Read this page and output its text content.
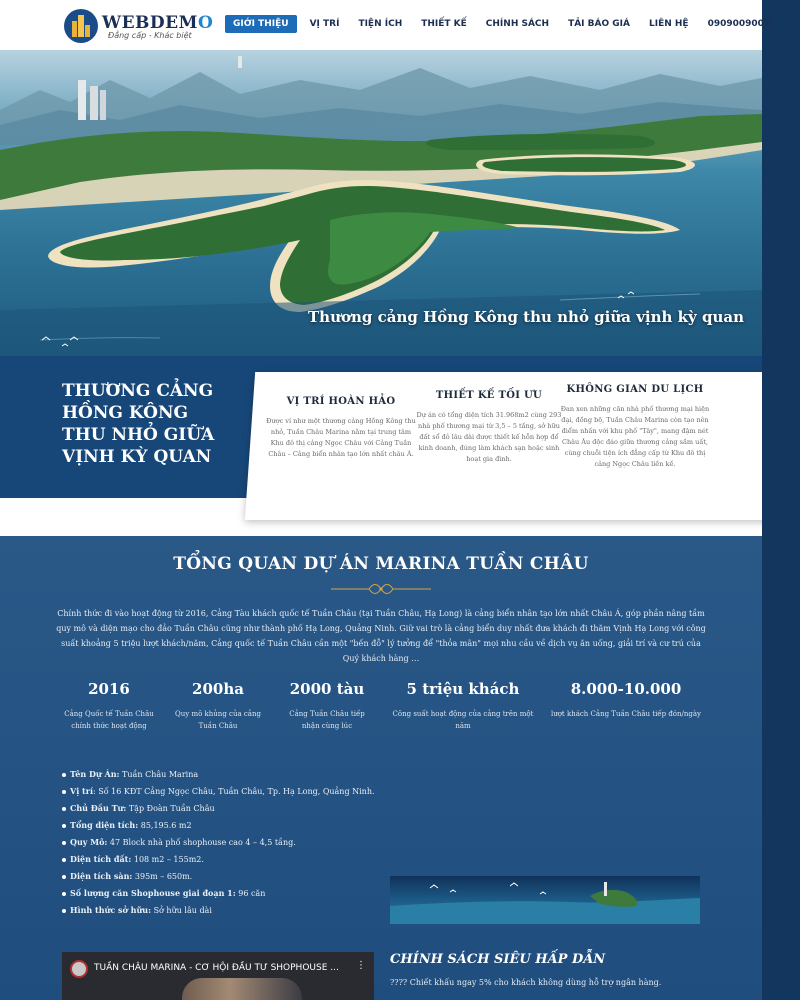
WEBDEMO
Đẳng cấp - Khác biệt
GIỚI THIỆU	VỊ TRÍ TIỆN ÍCH THIẾT KẾ CHÍNH SÁCH TẢI BÁO GIÁ LIÊN HỆ 0909009009
Thương cảng Hồng Kông thu nhỏ giữa vịnh kỳ quan
THƯƠNG CẢNG HỒNG KÔNG THU NHỎ GIỮA VỊNH KỲ QUAN
VỊ TRÍ HOÀN HẢO

Được ví như một thương cảng Hồng Kông thu nhỏ, Tuần Châu Marina nằm tại trung tâm Khu đô thị cảng Ngọc Châu với Cảng Tuần Châu – Cảng biển nhân tạo lớn nhất châu Á.

THIẾT KẾ TỐI ƯU

Dự án có tổng diện tích 31.968m2 cùng 293 nhà phố thương mại từ 3,5 – 5 tầng, sở hữu đất sổ đỏ lâu dài được thiết kế hỗn hợp để kinh doanh, đúng làm khách sạn hoặc sinh hoạt gia đình.

KHÔNG GIAN DU LỊCH

Đan xen những căn nhà phố thương mại hiện đại, đồng bộ, Tuần Châu Marina còn tạo nên điểm nhấn với khu phố "Tây", mang đậm nét Châu Âu độc đáo giữa thương cảng sầm uất, cùng chuỗi tiện ích đẳng cấp từ Khu đô thị cảng Ngọc Châu liền kề.

TỔNG QUAN DỰ ÁN MARINA TUẦN CHÂU
Chính thức đi vào hoạt động từ 2016, Cảng Tàu khách quốc tế Tuần Châu (tại Tuần Châu, Hạ Long) là cảng biển nhân tạo lớn nhất Châu Á, góp phần nâng tầm quy mô và diện mạo cho đảo Tuần Châu cũng như thành phố Hạ Long, Quảng Ninh. Giữ vai trò là cảng biển duy nhất đưa khách đi thăm Vịnh Hạ Long với công suất khoảng 5 triệu lượt khách/năm, Cảng quốc tế Tuần Châu cần một "bến đỗ" lý tưởng để "thỏa mãn" mọi nhu cầu về dịch vụ ăn uống, giải trí và cư trú của Quý khách hàng …
2016
Cảng Quốc tế Tuần Châu chính thức hoạt động
200ha
Quy mô khủng của cảng Tuần Châu
2000 tàu
Cảng Tuần Châu tiếp nhận cùng lúc
5 triệu khách
Công suất hoạt động của cảng trên một năm
8.000-10.000
lượt khách Cảng Tuần Châu tiếp đón/ngày
Tên Dự Án: Tuần Châu Marina
Vị trí: Số 16 KĐT Cảng Ngọc Châu, Tuần Châu, Tp. Hạ Long, Quảng Ninh.
Chủ Đầu Tư: Tập Đoàn Tuần Châu
Tổng diện tích: 85,195.6 m2
Quy Mô: 47 Block nhà phố shophouse cao 4 – 4,5 tầng.
Diện tích đất: 108 m2 – 155m2.
Diện tích sàn: 395m – 650m.
Số lượng căn Shophouse giai đoạn 1: 96 căn
Hình thức sở hữu: Sở hữu lâu dài
TUẦN CHÂU MARINA - CƠ HỘI ĐẦU TƯ SHOPHOUSE ... ⋮ CHÍNH SÁCH SIÊU HẤP DẪN
???? Chiết khấu ngay 5% cho khách không dùng hỗ trợ ngân hàng.
